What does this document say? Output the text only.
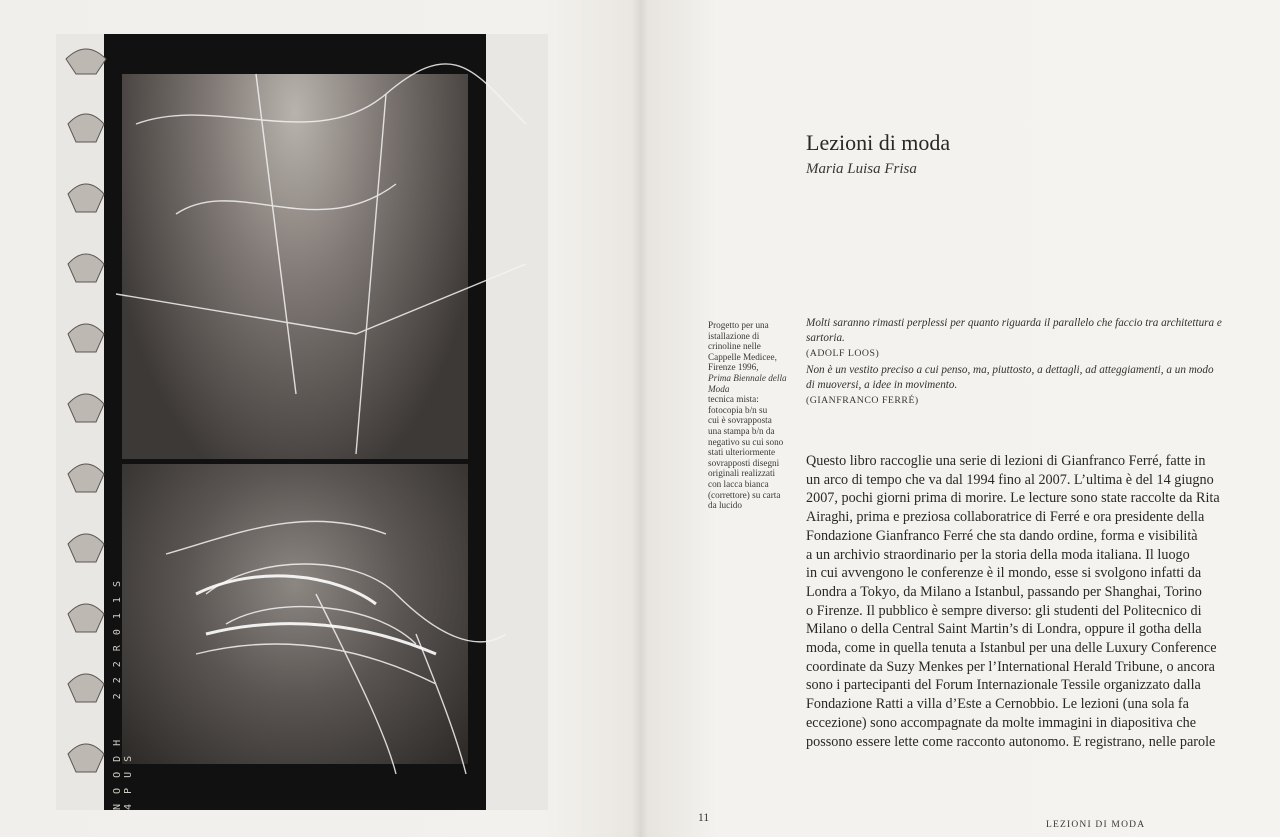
2 2 2 R 0 1 1 S
N O O D H 4 P U S
Progetto per una
istallazione di
crinoline nelle
Cappelle Medicee,
Firenze 1996,
Prima Biennale della
Moda
tecnica mista:
fotocopia b/n su
cui è sovrapposta
una stampa b/n da
negativo su cui sono
stati ulteriormente
sovrapposti disegni
originali realizzati
con lacca bianca
(correttore) su carta
da lucido
Lezioni di moda
Maria Luisa Frisa
Molti saranno rimasti perplessi per quanto riguarda il parallelo che faccio tra architettura e sartoria.
(ADOLF LOOS)
Non è un vestito preciso a cui penso, ma, piuttosto, a dettagli, ad atteggiamenti, a un modo
di muoversi, a idee in movimento.
(GIANFRANCO FERRÉ)
Questo libro raccoglie una serie di lezioni di Gianfranco Ferré, fatte in
un arco di tempo che va dal 1994 fino al 2007. L’ultima è del 14 giugno
2007, pochi giorni prima di morire. Le lecture sono state raccolte da Rita
Airaghi, prima e preziosa collaboratrice di Ferré e ora presidente della
Fondazione Gianfranco Ferré che sta dando ordine, forma e visibilità
a un archivio straordinario per la storia della moda italiana. Il luogo
in cui avvengono le conferenze è il mondo, esse si svolgono infatti da
Londra a Tokyo, da Milano a Istanbul, passando per Shanghai, Torino
o Firenze. Il pubblico è sempre diverso: gli studenti del Politecnico di
Milano o della Central Saint Martin’s di Londra, oppure il gotha della
moda, come in quella tenuta a Istanbul per una delle Luxury Conference
coordinate da Suzy Menkes per l’International Herald Tribune, o ancora
sono i partecipanti del Forum Internazionale Tessile organizzato dalla
Fondazione Ratti a villa d’Este a Cernobbio. Le lezioni (una sola fa
eccezione) sono accompagnate da molte immagini in diapositiva che
possono essere lette come racconto autonomo. E registrano, nelle parole
11
LEZIONI DI MODA
